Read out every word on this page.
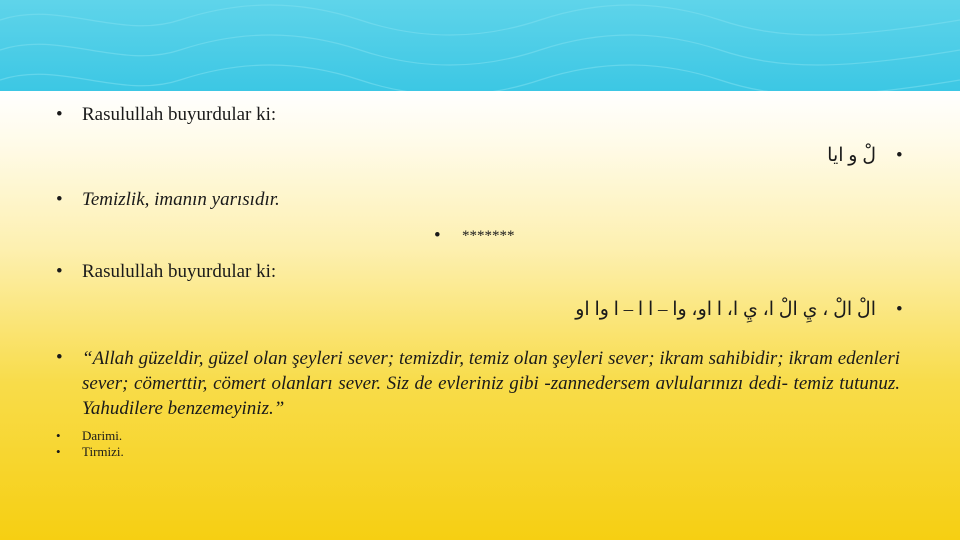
• Rasulullah buyurdular ki:
•
لْ و ايا
• Temizlik, imanın yarısıdır.
• *******
• Rasulullah buyurdular ki:
•
الْ الْ ، يِ الْ ا، يِ ا، ا او، وا – ا ا – ا وا او
• “Allah güzeldir, güzel olan şeyleri sever; temizdir, temiz olan şeyleri sever; ikram sahibidir; ikram edenleri sever; cömerttir, cömert olanları sever. Siz de evleriniz gibi -zannedersem avlularınızı dedi- temiz tutunuz. Yahudilere benzemeyiniz.”
• Darimi.
• Tirmizi.
